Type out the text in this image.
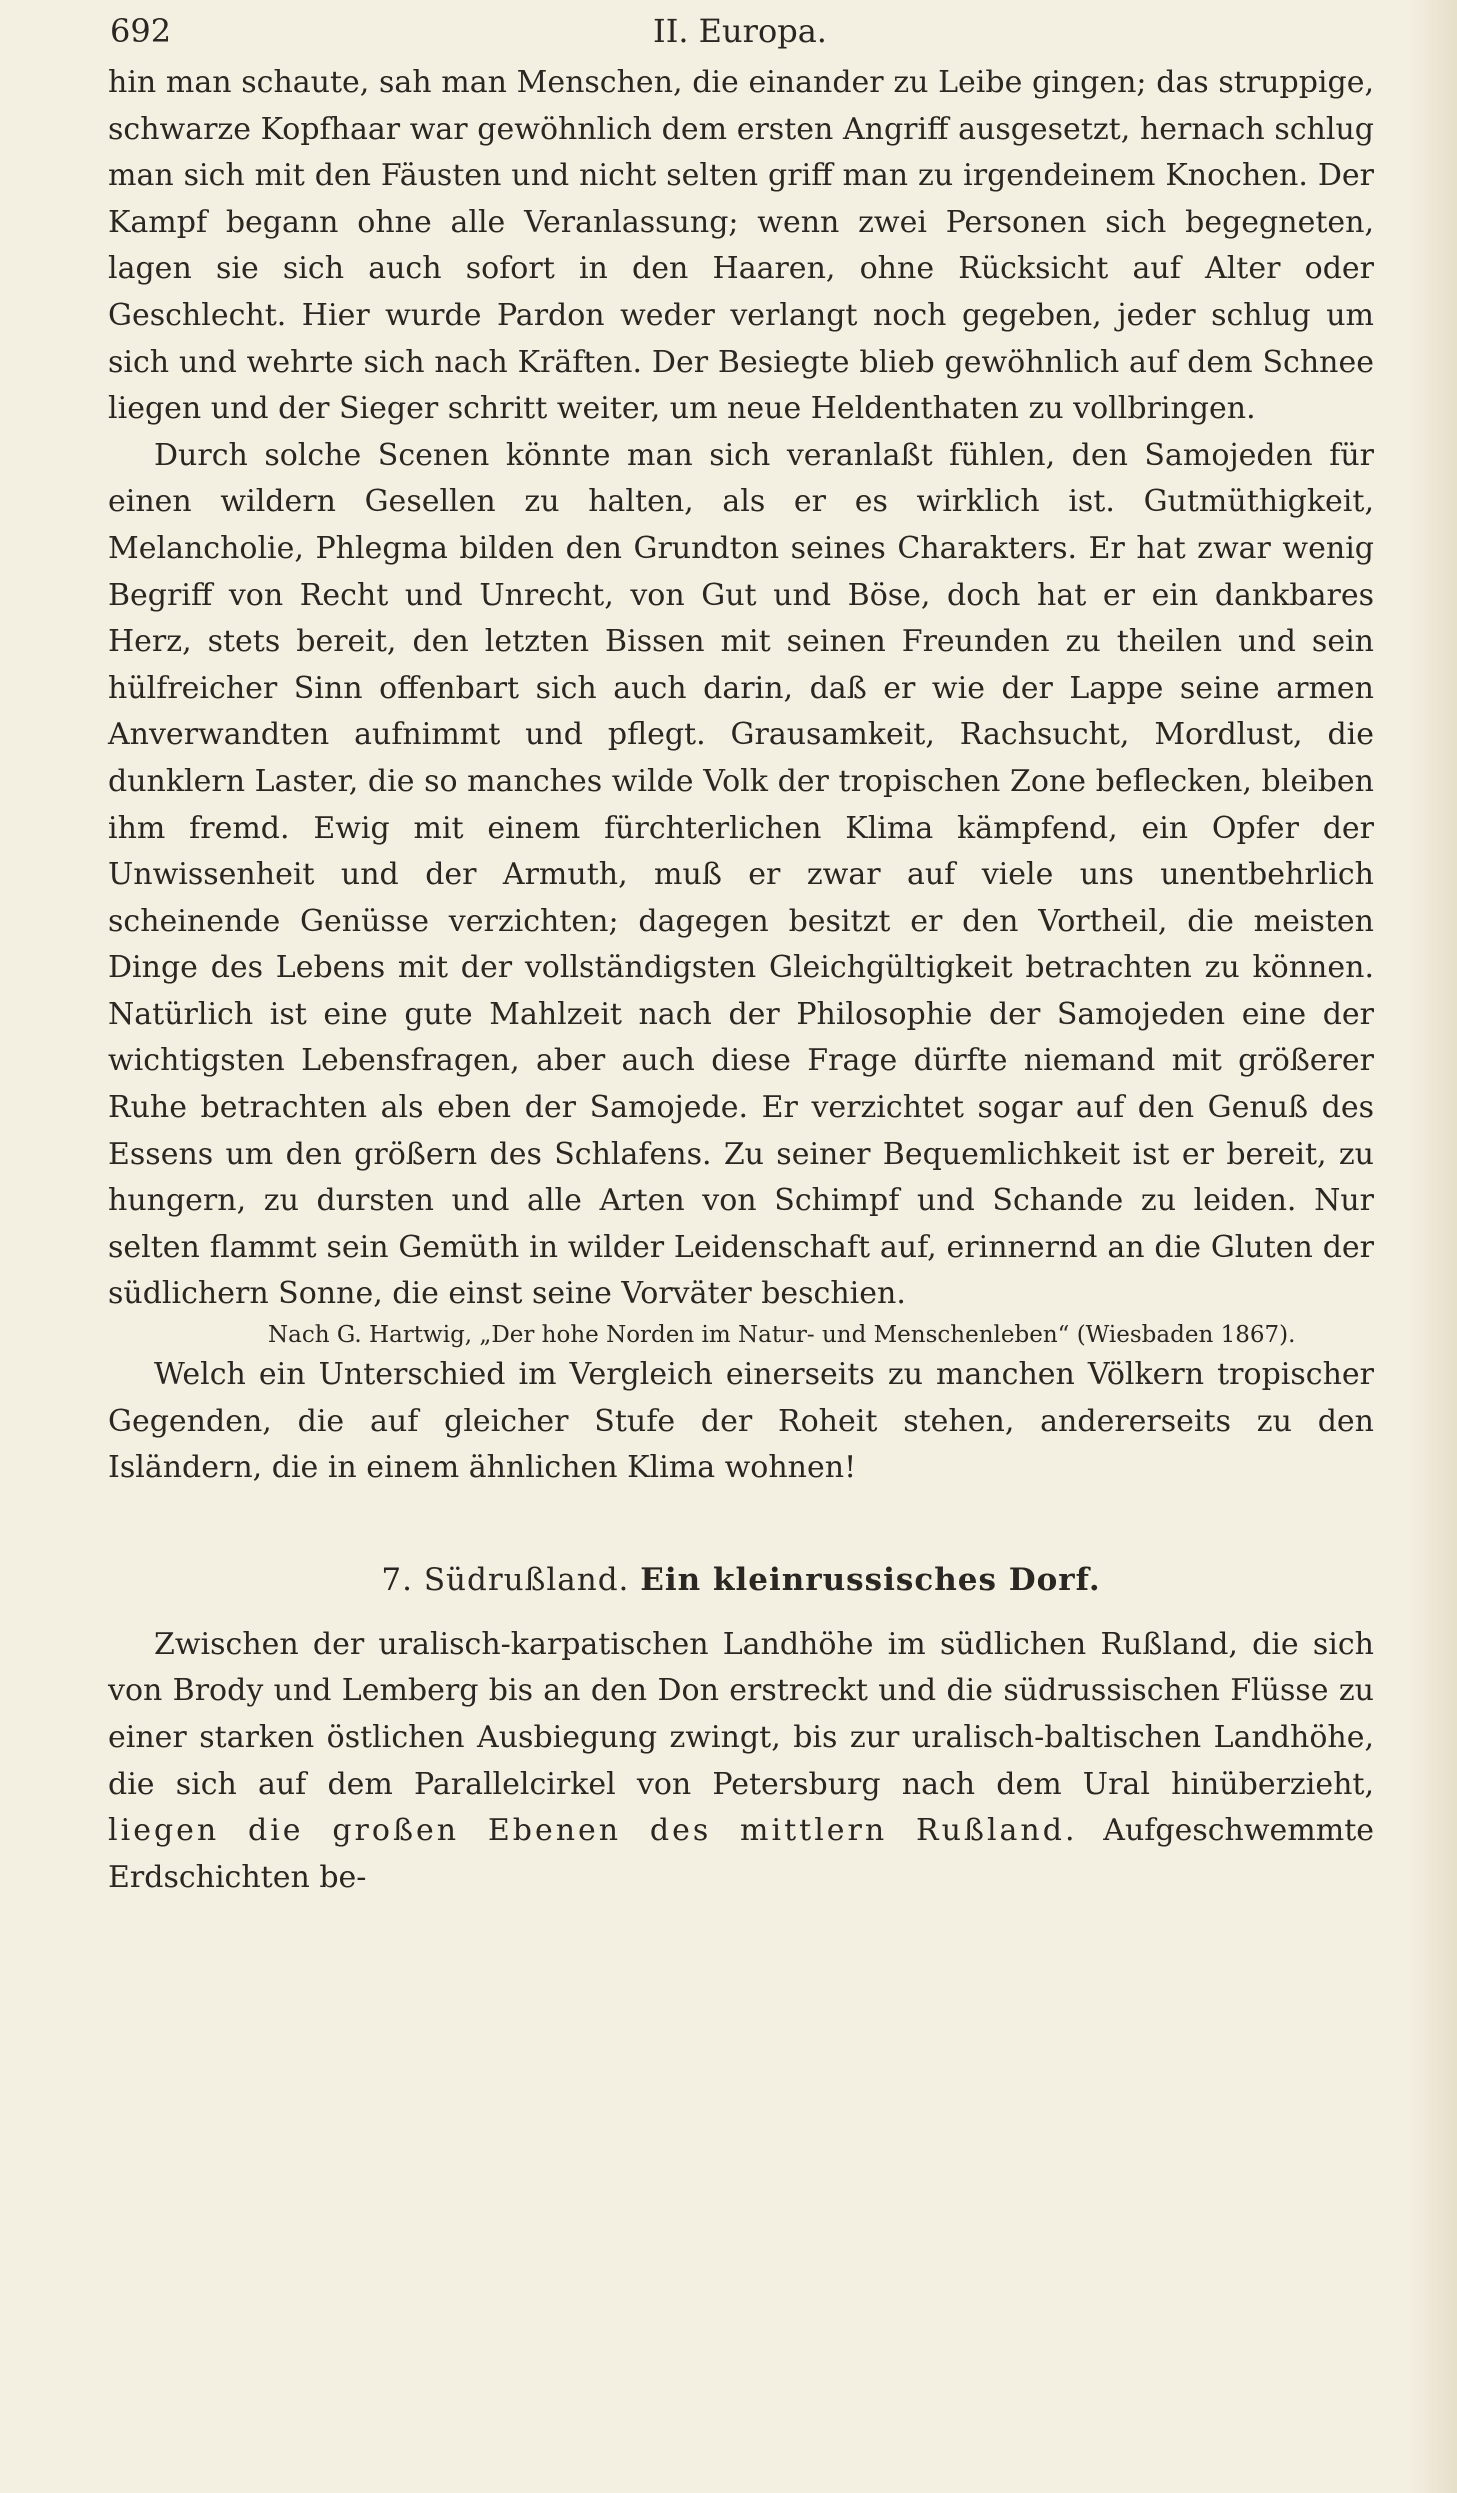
692	II. Europa.

hin man schaute, sah man Menschen, die einander zu Leibe gingen; das struppige, schwarze Kopfhaar war gewöhnlich dem ersten Angriff ausgesetzt, hernach schlug man sich mit den Fäusten und nicht selten griff man zu irgendeinem Knochen. Der Kampf begann ohne alle Veranlassung; wenn zwei Personen sich begegneten, lagen sie sich auch sofort in den Haaren, ohne Rücksicht auf Alter oder Geschlecht. Hier wurde Pardon weder verlangt noch gegeben, jeder schlug um sich und wehrte sich nach Kräften. Der Besiegte blieb gewöhnlich auf dem Schnee liegen und der Sieger schritt weiter, um neue Heldenthaten zu vollbringen.

Durch solche Scenen könnte man sich veranlaßt fühlen, den Samojeden für einen wildern Gesellen zu halten, als er es wirklich ist. Gutmüthigkeit, Melancholie, Phlegma bilden den Grundton seines Charakters. Er hat zwar wenig Begriff von Recht und Unrecht, von Gut und Böse, doch hat er ein dankbares Herz, stets bereit, den letzten Bissen mit seinen Freunden zu theilen und sein hülfreicher Sinn offenbart sich auch darin, daß er wie der Lappe seine armen Anverwandten aufnimmt und pflegt. Grausamkeit, Rachsucht, Mordlust, die dunklern Laster, die so manches wilde Volk der tropischen Zone beflecken, bleiben ihm fremd. Ewig mit einem fürchterlichen Klima kämpfend, ein Opfer der Unwissenheit und der Armuth, muß er zwar auf viele uns unentbehrlich scheinende Genüsse verzichten; dagegen besitzt er den Vortheil, die meisten Dinge des Lebens mit der vollständigsten Gleichgültigkeit betrachten zu können. Natürlich ist eine gute Mahlzeit nach der Philosophie der Samojeden eine der wichtigsten Lebensfragen, aber auch diese Frage dürfte niemand mit größerer Ruhe betrachten als eben der Samojede. Er verzichtet sogar auf den Genuß des Essens um den größern des Schlafens. Zu seiner Bequemlichkeit ist er bereit, zu hungern, zu dursten und alle Arten von Schimpf und Schande zu leiden. Nur selten flammt sein Gemüth in wilder Leidenschaft auf, erinnernd an die Gluten der südlichern Sonne, die einst seine Vorväter beschien.

Nach G. Hartwig, „Der hohe Norden im Natur- und Menschenleben“ (Wiesbaden 1867).

Welch ein Unterschied im Vergleich einerseits zu manchen Völkern tropischer Gegenden, die auf gleicher Stufe der Roheit stehen, andererseits zu den Isländern, die in einem ähnlichen Klima wohnen!

7. Südrußland. Ein kleinrussisches Dorf.

Zwischen der uralisch-karpatischen Landhöhe im südlichen Rußland, die sich von Brody und Lemberg bis an den Don erstreckt und die südrussischen Flüsse zu einer starken östlichen Ausbiegung zwingt, bis zur uralisch-baltischen Landhöhe, die sich auf dem Parallelcirkel von Petersburg nach dem Ural hinüberzieht, liegen die großen Ebenen des mittlern Rußland. Aufgeschwemmte Erdschichten be-
